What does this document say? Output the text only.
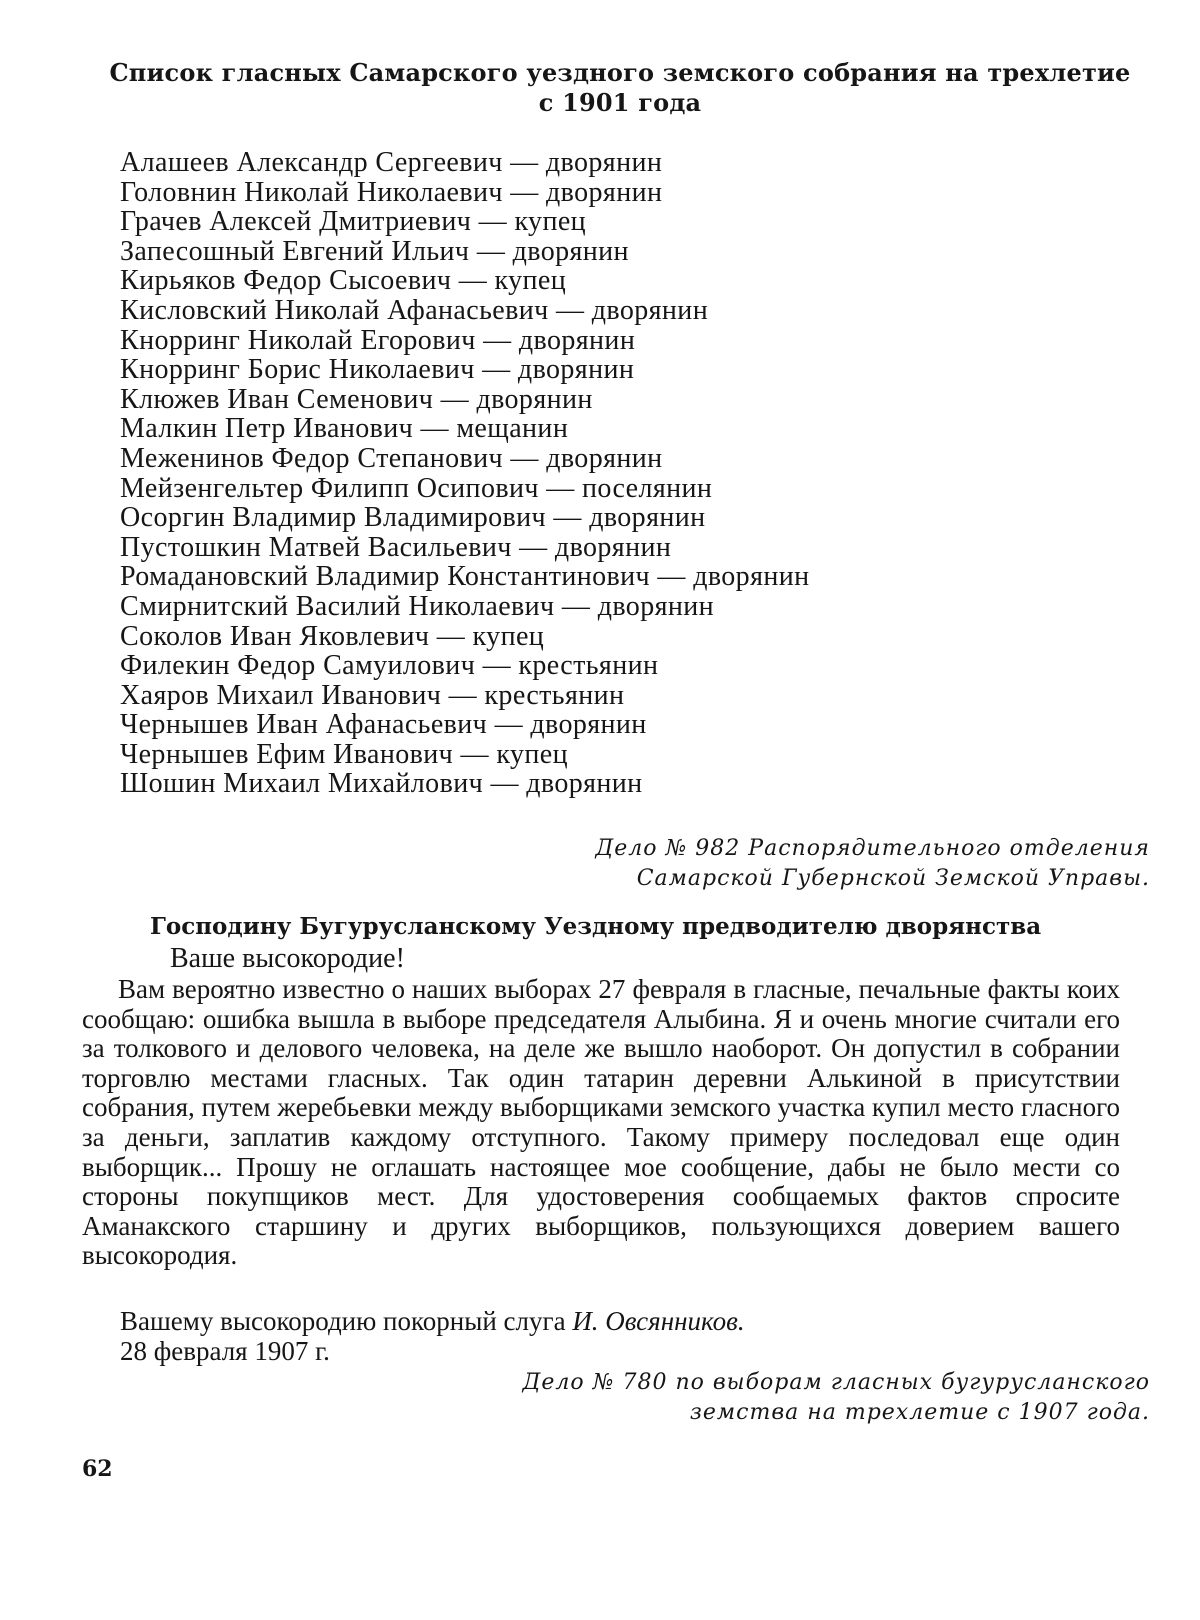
Список гласных Самарского уездного земского собрания на трехлетие
с 1901 года
Алашеев Александр Сергеевич — дворянин
Головнин Николай Николаевич — дворянин
Грачев Алексей Дмитриевич — купец
Запесошный Евгений Ильич — дворянин
Кирьяков Федор Сысоевич — купец
Кисловский Николай Афанасьевич — дворянин
Кнорринг Николай Егорович — дворянин
Кнорринг Борис Николаевич — дворянин
Клюжев Иван Семенович — дворянин
Малкин Петр Иванович — мещанин
Меженинов Федор Степанович — дворянин
Мейзенгельтер Филипп Осипович — поселянин
Осоргин Владимир Владимирович — дворянин
Пустошкин Матвей Васильевич — дворянин
Ромадановский Владимир Константинович — дворянин
Смирнитский Василий Николаевич — дворянин
Соколов Иван Яковлевич — купец
Филекин Федор Самуилович — крестьянин
Хаяров Михаил Иванович — крестьянин
Чернышев Иван Афанасьевич — дворянин
Чернышев Ефим Иванович — купец
Шошин Михаил Михайлович — дворянин
Дело № 982 Распорядительного отделения
Самарской Губернской Земской Управы.
Господину Бугурусланскому Уездному предводителю дворянства
Ваше высокородие!

Вам вероятно известно о наших выборах 27 февраля в гласные, печальные факты коих сообщаю: ошибка вышла в выборе председателя Алыбина. Я и очень многие считали его за толкового и делового человека, на деле же вышло наоборот. Он допустил в собрании торговлю местами гласных. Так один татарин деревни Алькиной в присутствии собрания, путем жеребьевки между выборщиками земского участка купил место гласного за деньги, заплатив каждому отступного. Такому примеру последовал еще один выборщик... Прошу не оглашать настоящее мое сообщение, дабы не было мести со стороны покупщиков мест. Для удостоверения сообщаемых фактов спросите Аманакского старшину и других выборщиков, пользующихся доверием вашего высокородия.

Вашему высокородию покорный слуга И. Овсянников.
28 февраля 1907 г.
Дело № 780 по выборам гласных бугурусланского
земства на трехлетие с 1907 года.
62
